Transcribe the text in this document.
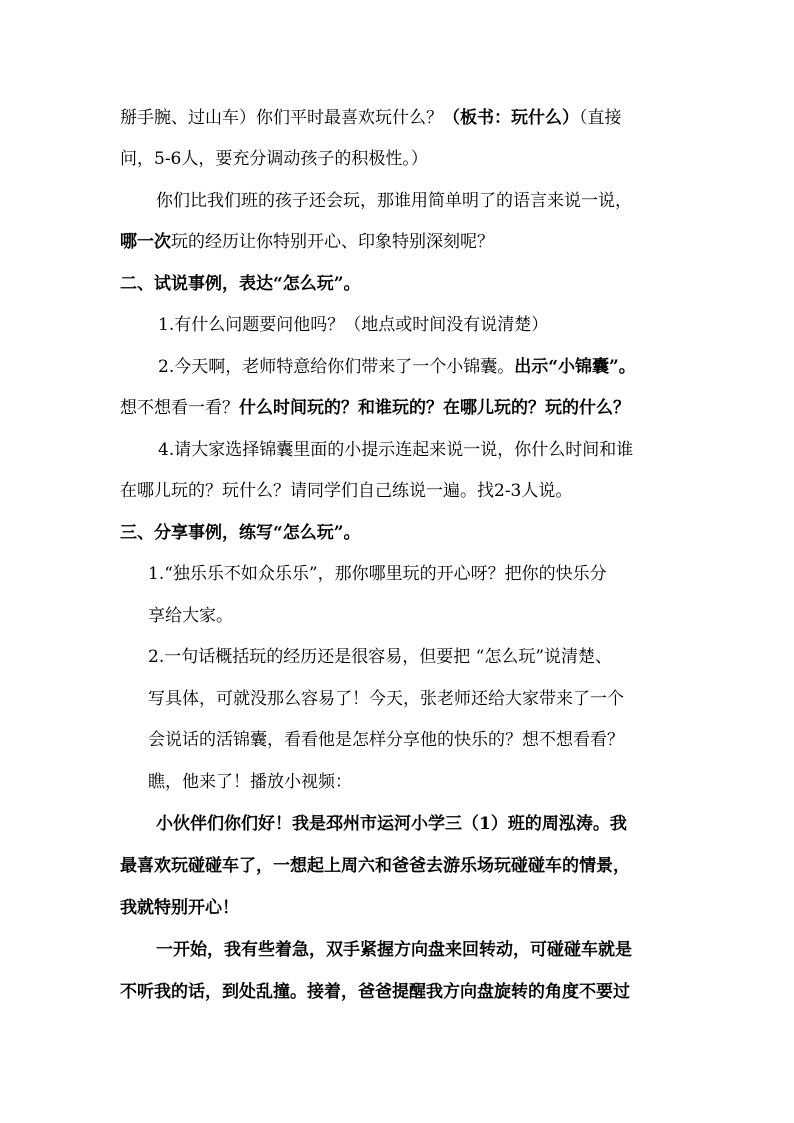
掰手腕、过山车）你们平时最喜欢玩什么？（板书：玩什么）（直接
问，5-6人，要充分调动孩子的积极性。）
你们比我们班的孩子还会玩，那谁用简单明了的语言来说一说，
哪一次玩的经历让你特别开心、印象特别深刻呢？
二、试说事例，表达“怎么玩”。
1.有什么问题要问他吗？（地点或时间没有说清楚）
2.今天啊，老师特意给你们带来了一个小锦囊。出示“小锦囊”。
想不想看一看？什么时间玩的？和谁玩的？在哪儿玩的？玩的什么？
4.请大家选择锦囊里面的小提示连起来说一说，你什么时间和谁
在哪儿玩的？玩什么？请同学们自己练说一遍。找2-3人说。
三、分享事例，练写“怎么玩”。
1.“独乐乐不如众乐乐”，那你哪里玩的开心呀？把你的快乐分
享给大家。
2.一句话概括玩的经历还是很容易，但要把 “怎么玩”说清楚、
写具体，可就没那么容易了！今天，张老师还给大家带来了一个
会说话的活锦囊，看看他是怎样分享他的快乐的？想不想看看？
瞧，他来了！播放小视频：
小伙伴们你们好！我是邳州市运河小学三（1）班的周泓涛。我
最喜欢玩碰碰车了，一想起上周六和爸爸去游乐场玩碰碰车的情景，
我就特别开心！
一开始，我有些着急，双手紧握方向盘来回转动，可碰碰车就是
不听我的话，到处乱撞。接着，爸爸提醒我方向盘旋转的角度不要过
